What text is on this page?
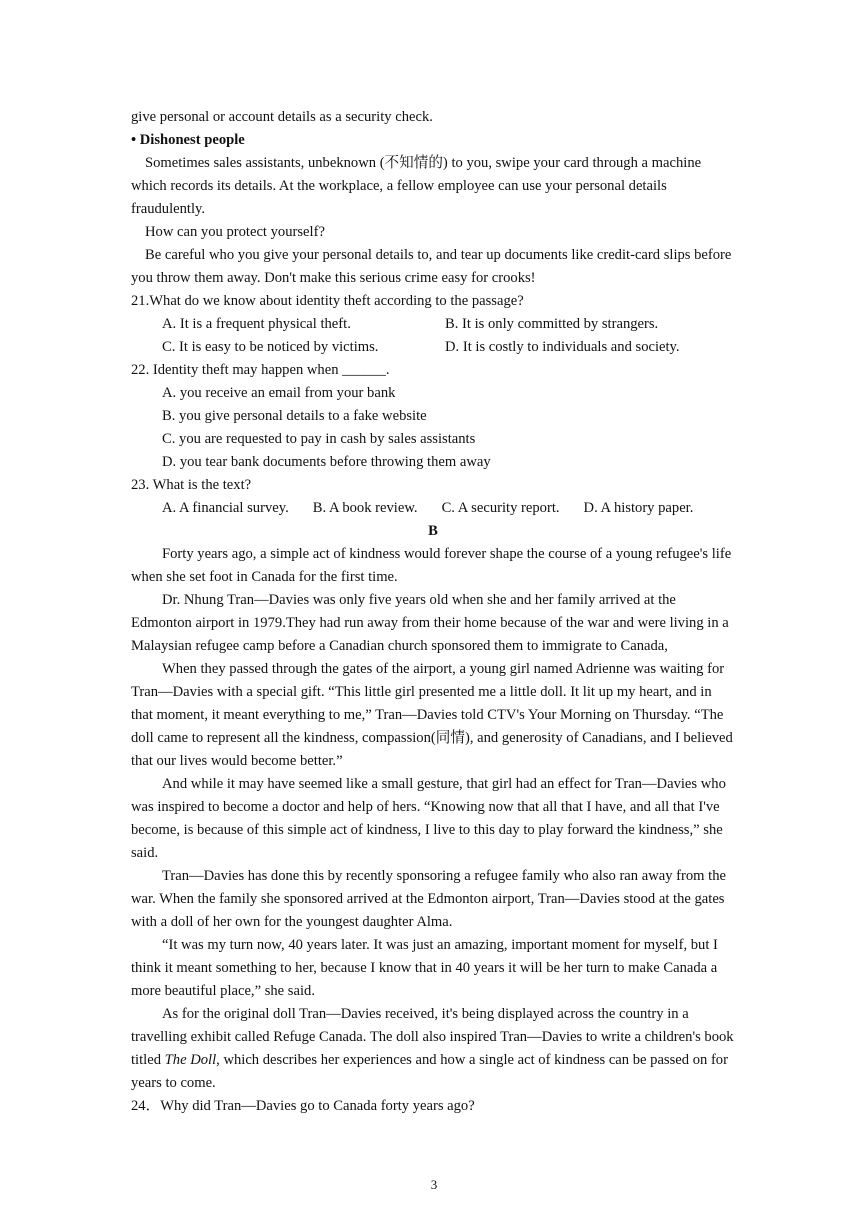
give personal or account details as a security check.

• Dishonest people

Sometimes sales assistants, unbeknown (不知情的) to you, swipe your card through a machine which records its details. At the workplace, a fellow employee can use your personal details fraudulently.

How can you protect yourself?

Be careful who you give your personal details to, and tear up documents like credit-card slips before you throw them away. Don't make this serious crime easy for crooks!

21.What do we know about identity theft according to the passage?

A. It is a frequent physical theft.	B. It is only committed by strangers.
C. It is easy to be noticed by victims.	D. It is costly to individuals and society.

22. Identity theft may happen when ______.

A. you receive an email from your bank

B. you give personal details to a fake website

C. you are requested to pay in cash by sales assistants

D. you tear bank documents before throwing them away

23. What is the text?

A. A financial survey. B. A book review. C. A security report. D. A history paper.

B

Forty years ago, a simple act of kindness would forever shape the course of a young refugee's life when she set foot in Canada for the first time.

Dr. Nhung Tran—Davies was only five years old when she and her family arrived at the Edmonton airport in 1979.They had run away from their home because of the war and were living in a Malaysian refugee camp before a Canadian church sponsored them to immigrate to Canada,

When they passed through the gates of the airport, a young girl named Adrienne was waiting for Tran—Davies with a special gift. “This little girl presented me a little doll. It lit up my heart, and in that moment, it meant everything to me,” Tran—Davies told CTV's Your Morning on Thursday. “The doll came to represent all the kindness, compassion(同情), and generosity of Canadians, and I believed that our lives would become better.”

And while it may have seemed like a small gesture, that girl had an effect for Tran—Davies who was inspired to become a doctor and help of hers. “Knowing now that all that I have, and all that I've become, is because of this simple act of kindness, I live to this day to play forward the kindness,” she said.

Tran—Davies has done this by recently sponsoring a refugee family who also ran away from the war. When the family she sponsored arrived at the Edmonton airport, Tran—Davies stood at the gates with a doll of her own for the youngest daughter Alma.

“It was my turn now, 40 years later. It was just an amazing, important moment for myself, but I think it meant something to her, because I know that in 40 years it will be her turn to make Canada a more beautiful place,” she said.

As for the original doll Tran—Davies received, it's being displayed across the country in a travelling exhibit called Refuge Canada. The doll also inspired Tran—Davies to write a children's book titled The Doll, which describes her experiences and how a single act of kindness can be passed on for years to come.

24．Why did Tran—Davies go to Canada forty years ago?

3
